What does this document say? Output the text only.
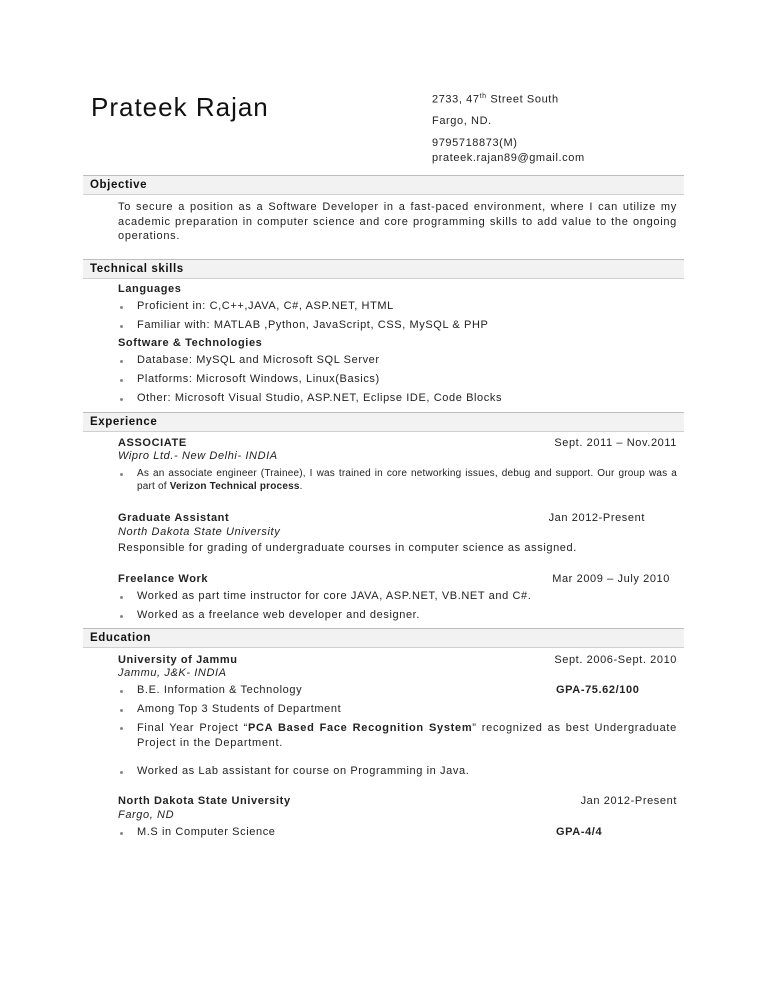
Prateek Rajan	2733, 47th Street South
Fargo, ND.
9795718873(M)
prateek.rajan89@gmail.com
Objective
To secure a position as a Software Developer in a fast-paced environment, where I can utilize my academic preparation in computer science and core programming skills to add value to the ongoing operations.
Technical skills
Languages
Proficient in: C,C++,JAVA, C#, ASP.NET, HTML
Familiar with: MATLAB ,Python, JavaScript, CSS, MySQL & PHP
Software & Technologies
Database: MySQL and Microsoft SQL Server
Platforms: Microsoft Windows, Linux(Basics)
Other: Microsoft Visual Studio, ASP.NET, Eclipse IDE, Code Blocks
Experience
ASSOCIATE	Sept. 2011 – Nov.2011
Wipro Ltd.- New Delhi- INDIA
As an associate engineer (Trainee), I was trained in core networking issues, debug and support. Our group was a part of Verizon Technical process.
Graduate Assistant	Jan 2012-Present
North Dakota State University
Responsible for grading of undergraduate courses in computer science as assigned.
Freelance Work	Mar 2009 – July 2010
Worked as part time instructor for core JAVA, ASP.NET, VB.NET and C#.
Worked as a freelance web developer and designer.
Education
University of Jammu	Sept. 2006-Sept. 2010
Jammu, J&K- INDIA
B.E. Information & Technology	GPA-75.62/100
Among Top 3 Students of Department
Final Year Project “PCA Based Face Recognition System” recognized as best Undergraduate Project in the Department.
Worked as Lab assistant for course on Programming in Java.
North Dakota State University	Jan 2012-Present
Fargo, ND
M.S in Computer Science	GPA-4/4
